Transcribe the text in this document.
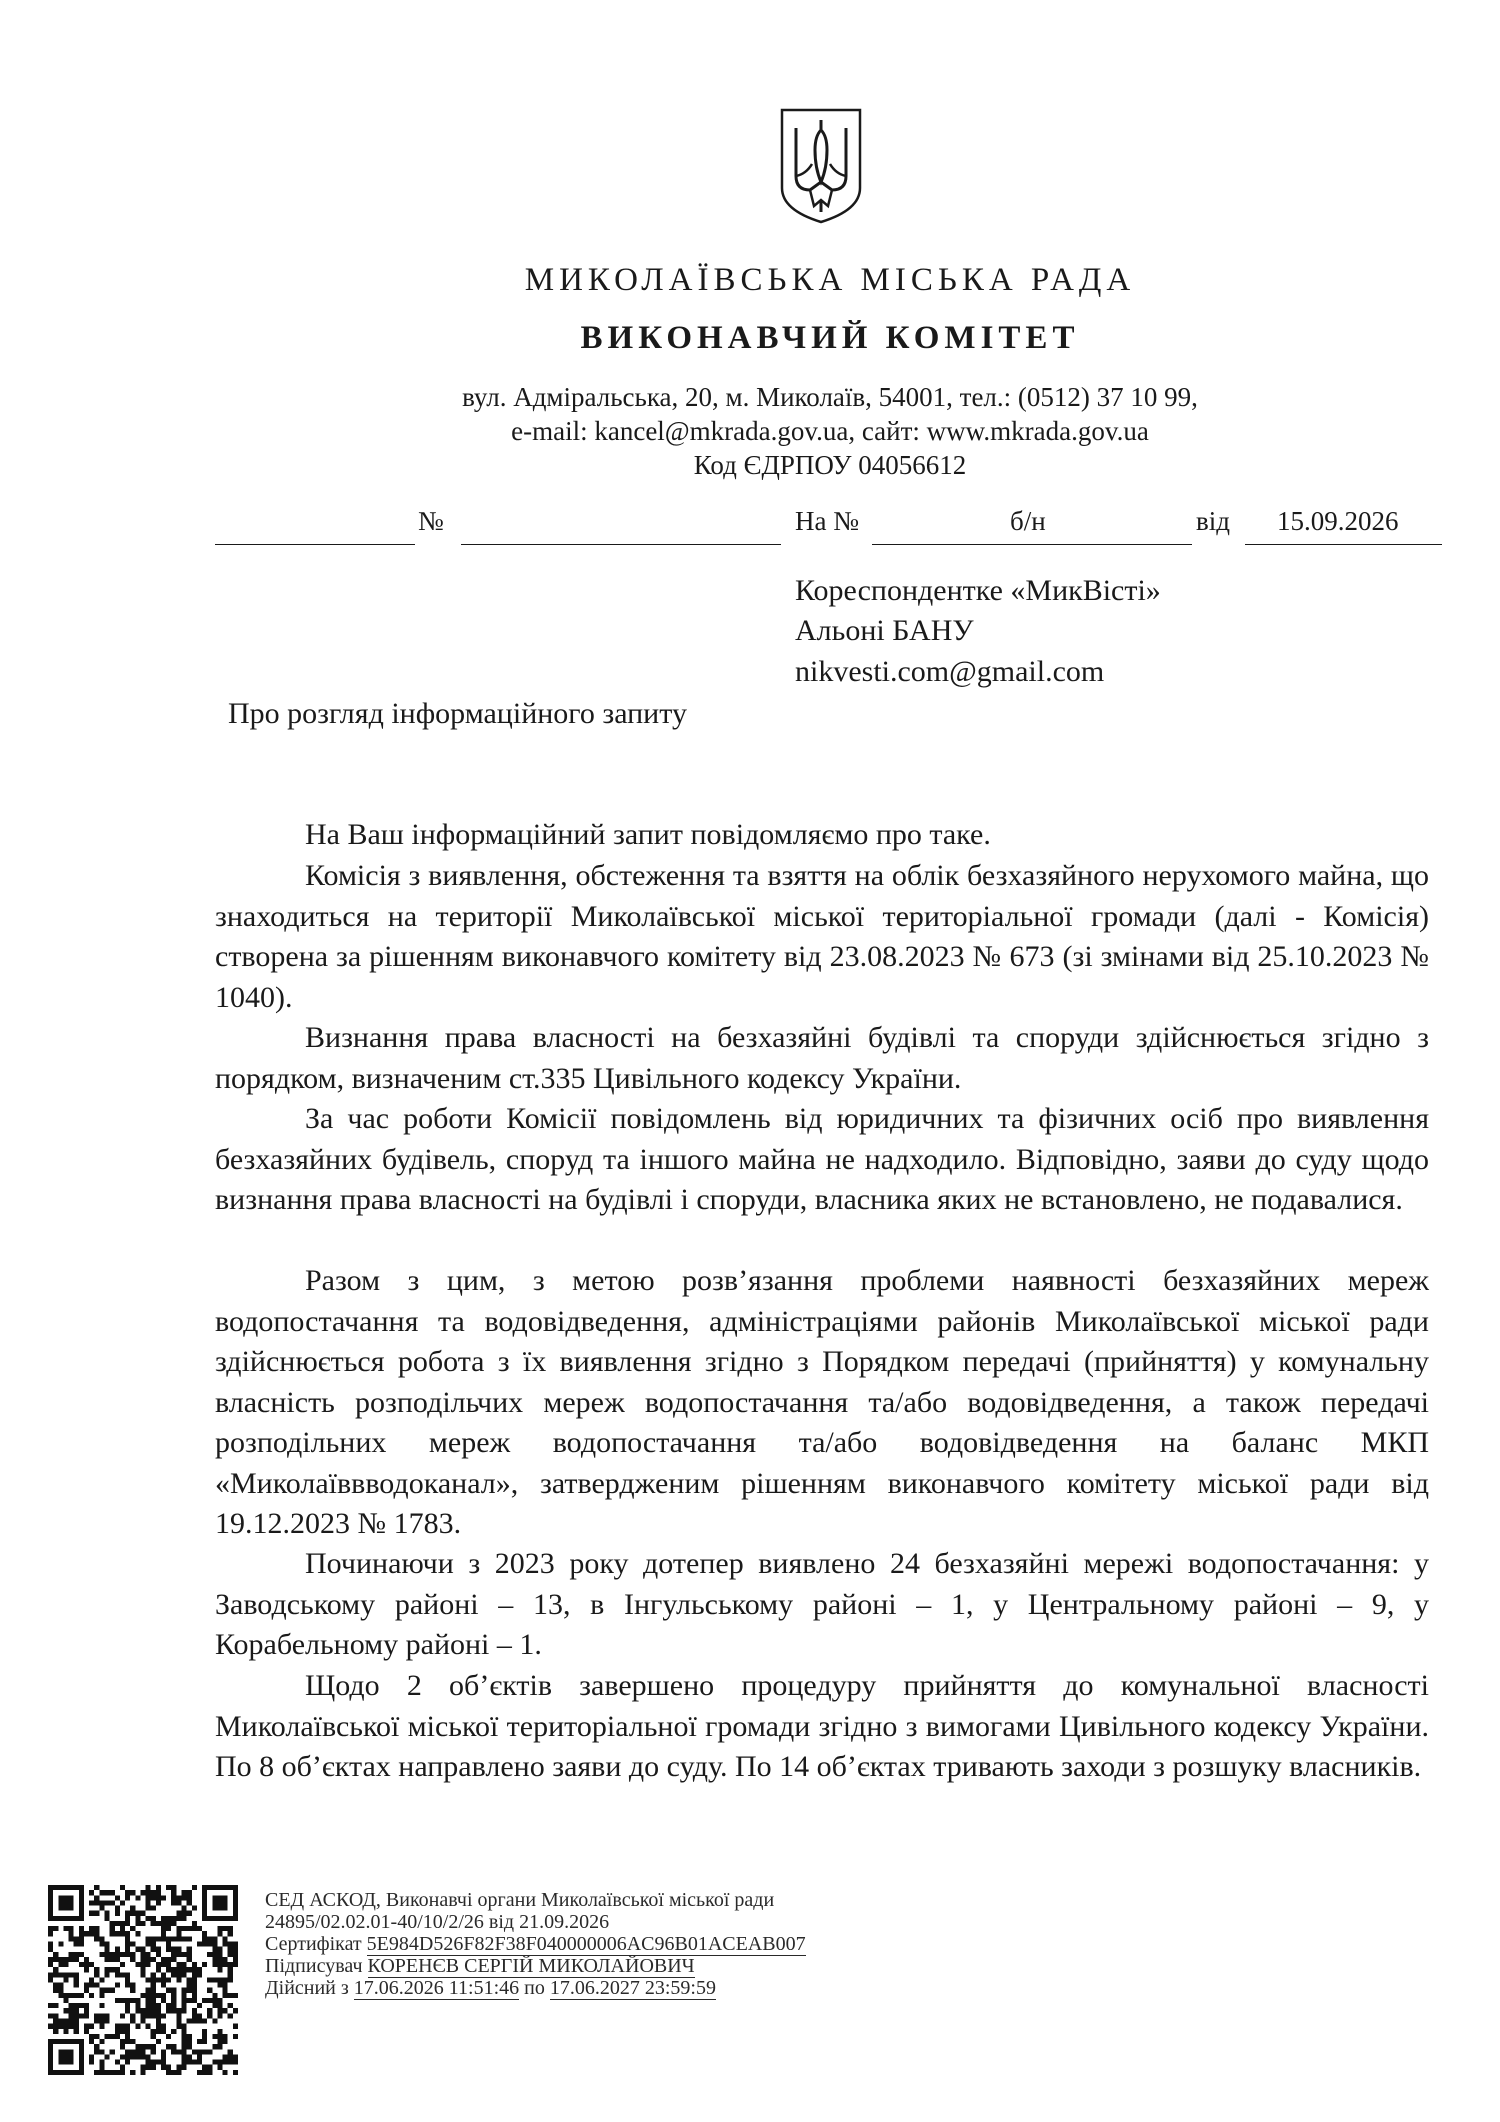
МИКОЛАЇВСЬКА МІСЬКА РАДА
ВИКОНАВЧИЙ КОМІТЕТ
вул. Адміральська, 20, м. Миколаїв, 54001, тел.: (0512) 37 10 99,
e-mail: kancel@mkrada.gov.ua, сайт: www.mkrada.gov.ua
Код ЄДРПОУ 04056612
№	На №	б/н	від 15.09.2026
Кореспондентке «МикВісті»
Альоні БАНУ
nikvesti.com@gmail.com
Про розгляд інформаційного запиту

На Ваш інформаційний запит повідомляємо про таке.

Комісія з виявлення, обстеження та взяття на облік безхазяйного нерухомого майна, що знаходиться на території Миколаївської міської територіальної громади (далі - Комісія) створена за рішенням виконавчого комітету від 23.08.2023 № 673 (зі змінами від 25.10.2023 № 1040).

Визнання права власності на безхазяйні будівлі та споруди здійснюється згідно з порядком, визначеним ст.335 Цивільного кодексу України.

За час роботи Комісії повідомлень від юридичних та фізичних осіб про виявлення безхазяйних будівель, споруд та іншого майна не надходило. Відповідно, заяви до суду щодо визнання права власності на будівлі і споруди, власника яких не встановлено, не подавалися.

Разом з цим, з метою розв’язання проблеми наявності безхазяйних мереж водопостачання та водовідведення, адміністраціями районів Миколаївської міської ради здійснюється робота з їх виявлення згідно з Порядком передачі (прийняття) у комунальну власність розподільчих мереж водопостачання та/або водовідведення, а також передачі розподільних мереж водопостачання та/або водовідведення на баланс МКП «Миколаїввводоканал», затвердженим рішенням виконавчого комітету міської ради від 19.12.2023 № 1783.

Починаючи з 2023 року дотепер виявлено 24 безхазяйні мережі водопостачання: у Заводському районі – 13, в Інгульському районі – 1, у Центральному районі – 9, у Корабельному районі – 1.

Щодо 2 об’єктів завершено процедуру прийняття до комунальної власності Миколаївської міської територіальної громади згідно з вимогами Цивільного кодексу України. По 8 об’єктах направлено заяви до суду. По 14 об’єктах тривають заходи з розшуку власників.

СЕД АСКОД, Виконавчі органи Миколаївської міської ради
24895/02.02.01-40/10/2/26 від 21.09.2026
Сертифікат 5E984D526F82F38F040000006AC96B01ACEAB007
Підписувач КОРЕНЄВ СЕРГІЙ МИКОЛАЙОВИЧ
Дійсний з 17.06.2026 11:51:46 по 17.06.2027 23:59:59
